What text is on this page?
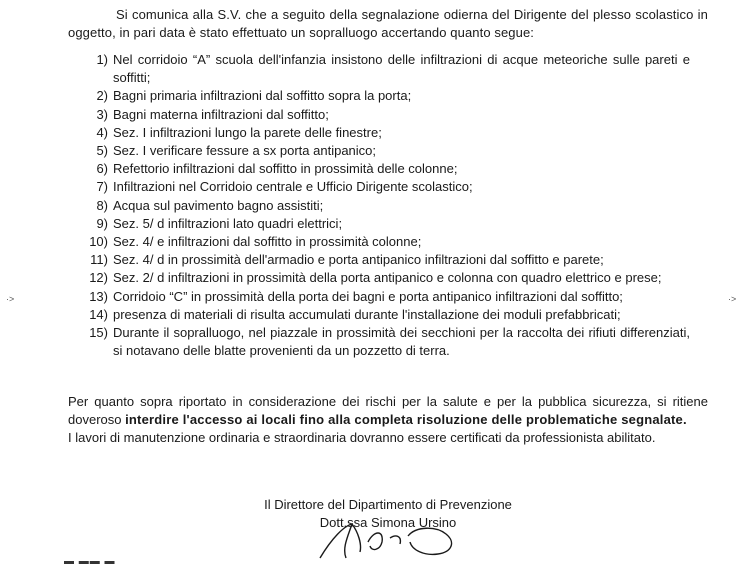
Si comunica alla S.V. che a seguito della segnalazione odierna del Dirigente del plesso scolastico in oggetto, in pari data è stato effettuato un sopralluogo accertando quanto segue:
1) Nel corridoio “A” scuola dell'infanzia insistono delle infiltrazioni di acque meteoriche sulle pareti e soffitti;
2) Bagni primaria infiltrazioni dal soffitto sopra la porta;
3) Bagni materna infiltrazioni dal soffitto;
4) Sez. I infiltrazioni lungo la parete delle finestre;
5) Sez. I verificare fessure a sx porta antipanico;
6) Refettorio infiltrazioni dal soffitto in prossimità delle colonne;
7) Infiltrazioni nel Corridoio centrale e Ufficio Dirigente scolastico;
8) Acqua sul pavimento bagno assistiti;
9) Sez. 5/ d infiltrazioni lato quadri elettrici;
10) Sez. 4/ e infiltrazioni dal soffitto in prossimità colonne;
11) Sez. 4/ d in prossimità dell'armadio e porta antipanico infiltrazioni dal soffitto e parete;
12) Sez. 2/ d infiltrazioni in prossimità della porta antipanico e colonna con quadro elettrico e prese;
13) Corridoio “C” in prossimità della porta dei bagni e porta antipanico infiltrazioni dal soffitto;
14) presenza di materiali di risulta accumulati durante l'installazione dei moduli prefabbricati;
15) Durante il sopralluogo, nel piazzale in prossimità dei secchioni per la raccolta dei rifiuti differenziati, si notavano delle blatte provenienti da un pozzetto di terra.
Per quanto sopra riportato in considerazione dei rischi per la salute e per la pubblica sicurezza, si ritiene doveroso interdire l'accesso ai locali fino alla completa risoluzione delle problematiche segnalate.
I lavori di manutenzione ordinaria e straordinaria dovranno essere certificati da professionista abilitato.
Il Direttore del Dipartimento di Prevenzione
Dott.ssa Simona Ursino
·>	·>
▬ ▬▬ ▬
